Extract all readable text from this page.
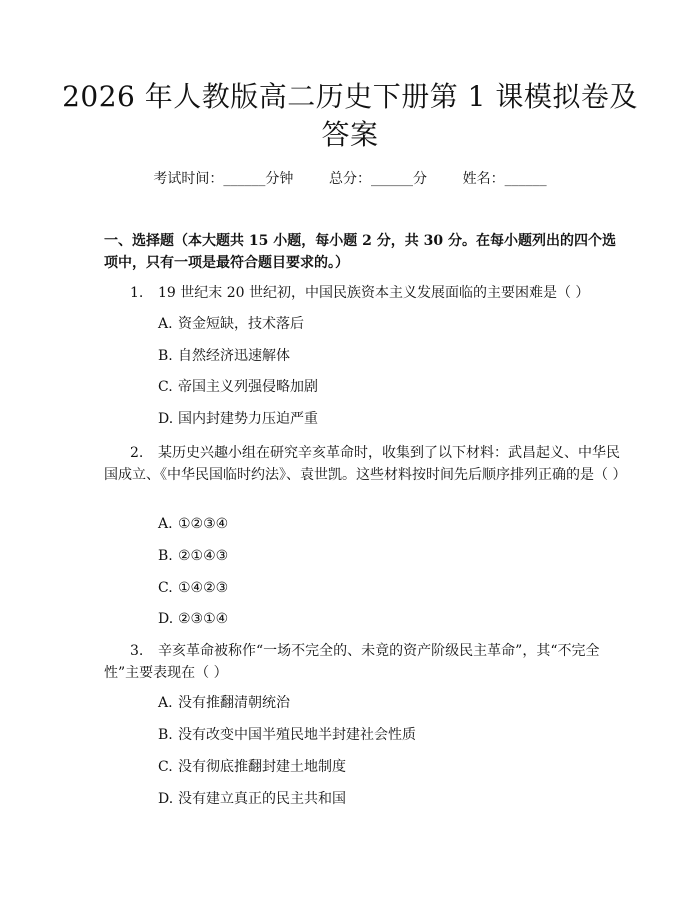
2026 年人教版高二历史下册第 1 课模拟卷及
答案
考试时间：______分钟	总分：______分	姓名：______
一、选择题（本大题共 15 小题，每小题 2 分，共 30 分。在每小题列出的四个选项中，只有一项是最符合题目要求的。）
1. 19 世纪末 20 世纪初，中国民族资本主义发展面临的主要困难是（ ）
A. 资金短缺，技术落后
B. 自然经济迅速解体
C. 帝国主义列强侵略加剧
D. 国内封建势力压迫严重
2. 某历史兴趣小组在研究辛亥革命时，收集到了以下材料：武昌起义、中华民国成立、《中华民国临时约法》、袁世凯。这些材料按时间先后顺序排列正确的是（ ）
A. ①②③④
B. ②①④③
C. ①④②③
D. ②③①④
3. 辛亥革命被称作“一场不完全的、未竟的资产阶级民主革命”，其“不完全性”主要表现在（ ）
A. 没有推翻清朝统治
B. 没有改变中国半殖民地半封建社会性质
C. 没有彻底推翻封建土地制度
D. 没有建立真正的民主共和国
